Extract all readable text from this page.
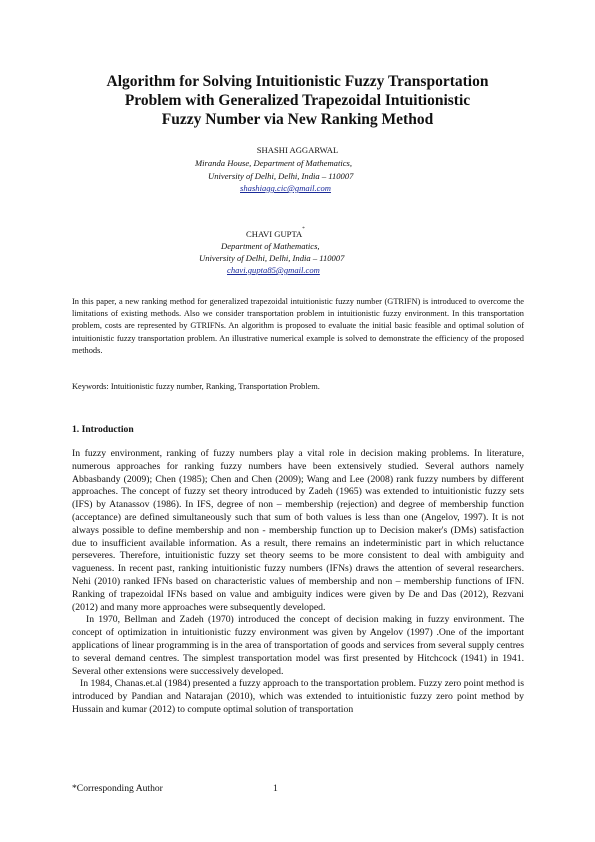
Algorithm for Solving Intuitionistic Fuzzy Transportation
Problem with Generalized Trapezoidal Intuitionistic
Fuzzy Number via New Ranking Method
SHASHI AGGARWAL
Miranda House, Department of Mathematics,
University of Delhi, Delhi, India – 110007
shashiagg.cic@gmail.com
CHAVI GUPTA*
Department of Mathematics,
University of Delhi, Delhi, India – 110007
chavi.gupta85@gmail.com
In this paper, a new ranking method for generalized trapezoidal intuitionistic fuzzy number (GTRIFN) is introduced to overcome the limitations of existing methods. Also we consider transportation problem in intuitionistic fuzzy environment. In this transportation problem, costs are represented by GTRIFNs. An algorithm is proposed to evaluate the initial basic feasible and optimal solution of intuitionistic fuzzy transportation problem. An illustrative numerical example is solved to demonstrate the efficiency of the proposed methods.
Keywords: Intuitionistic fuzzy number, Ranking, Transportation Problem.
1. Introduction

In fuzzy environment, ranking of fuzzy numbers play a vital role in decision making problems. In literature, numerous approaches for ranking fuzzy numbers have been extensively studied. Several authors namely Abbasbandy (2009); Chen (1985); Chen and Chen (2009); Wang and Lee (2008) rank fuzzy numbers by different approaches. The concept of fuzzy set theory introduced by Zadeh (1965) was extended to intuitionistic fuzzy sets (IFS) by Atanassov (1986). In IFS, degree of non – membership (rejection) and degree of membership function (acceptance) are defined simultaneously such that sum of both values is less than one (Angelov, 1997). It is not always possible to define membership and non - membership function up to Decision maker's (DMs) satisfaction due to insufficient available information. As a result, there remains an indeterministic part in which reluctance perseveres. Therefore, intuitionistic fuzzy set theory seems to be more consistent to deal with ambiguity and vagueness. In recent past, ranking intuitionistic fuzzy numbers (IFNs) draws the attention of several researchers. Nehi (2010) ranked IFNs based on characteristic values of membership and non – membership functions of IFN. Ranking of trapezoidal IFNs based on value and ambiguity indices were given by De and Das (2012), Rezvani (2012) and many more approaches were subsequently developed.

In 1970, Bellman and Zadeh (1970) introduced the concept of decision making in fuzzy environment. The concept of optimization in intuitionistic fuzzy environment was given by Angelov (1997) .One of the important applications of linear programming is in the area of transportation of goods and services from several supply centres to several demand centres. The simplest transportation model was first presented by Hitchcock (1941) in 1941. Several other extensions were successively developed.

In 1984, Chanas.et.al (1984) presented a fuzzy approach to the transportation problem. Fuzzy zero point method is introduced by Pandian and Natarajan (2010), which was extended to intuitionistic fuzzy zero point method by Hussain and kumar (2012) to compute optimal solution of transportation

*Corresponding Author	1
